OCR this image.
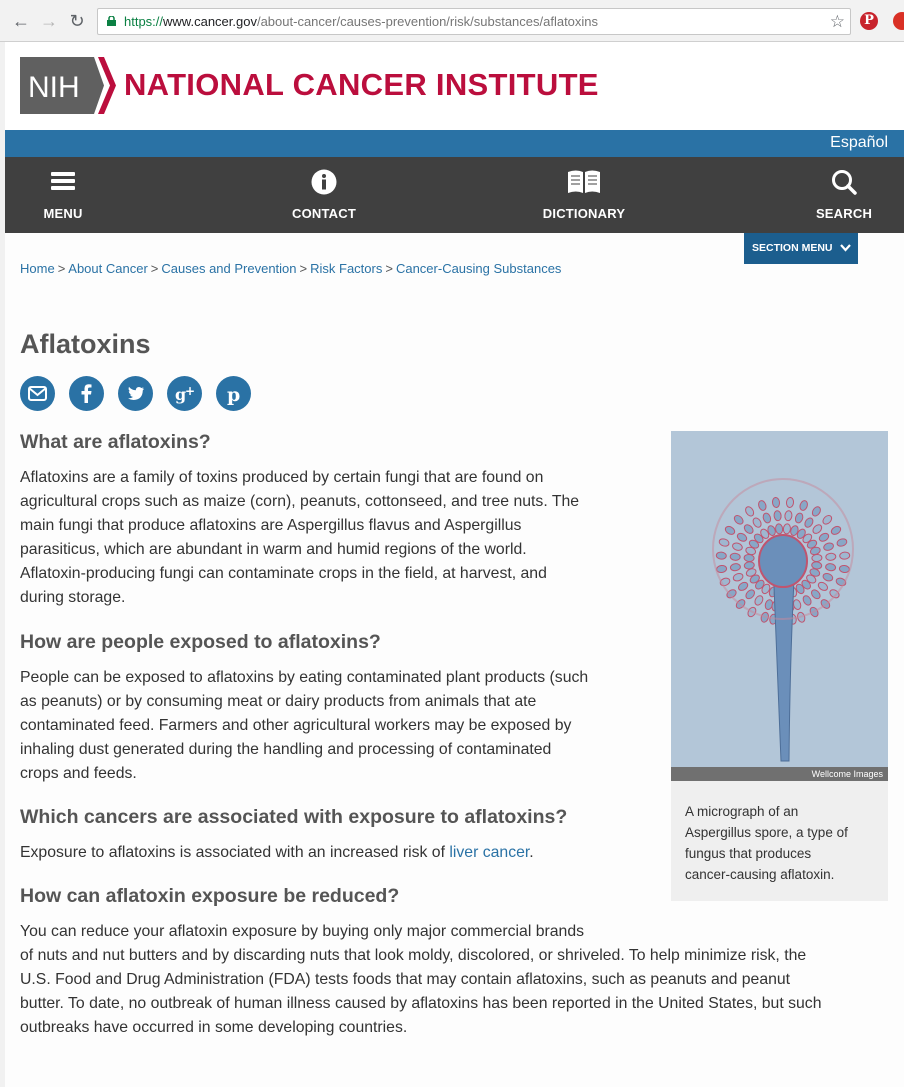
← → ↻	https://www.cancer.gov/about-cancer/causes-prevention/risk/substances/aflatoxins	☆	P
NIH NATIONAL CANCER INSTITUTE
Español
MENU	CONTACT	DICTIONARY	SEARCH
SECTION MENU
Home > About Cancer > Causes and Prevention > Risk Factors > Cancer-Causing Substances
Aflatoxins
g
+ p
What are aflatoxins?
Aflatoxins are a family of toxins produced by certain fungi that are found on
agricultural crops such as maize (corn), peanuts, cottonseed, and tree nuts. The
main fungi that produce aflatoxins are Aspergillus flavus and Aspergillus
parasiticus, which are abundant in warm and humid regions of the world.
Aflatoxin-producing fungi can contaminate crops in the field, at harvest, and
during storage.
How are people exposed to aflatoxins?
People can be exposed to aflatoxins by eating contaminated plant products (such
as peanuts) or by consuming meat or dairy products from animals that ate
contaminated feed. Farmers and other agricultural workers may be exposed by
inhaling dust generated during the handling and processing of contaminated
crops and feeds.
Which cancers are associated with exposure to aflatoxins?
Exposure to aflatoxins is associated with an increased risk of liver cancer.
How can aflatoxin exposure be reduced?
You can reduce your aflatoxin exposure by buying only major commercial brands
of nuts and nut butters and by discarding nuts that look moldy, discolored, or shriveled. To help minimize risk, the
U.S. Food and Drug Administration (FDA) tests foods that may contain aflatoxins, such as peanuts and peanut
butter. To date, no outbreak of human illness caused by aflatoxins has been reported in the United States, but such
outbreaks have occurred in some developing countries.
Wellcome Images
A micrograph of an
Aspergillus spore, a type of
fungus that produces
cancer-causing aflatoxin.
